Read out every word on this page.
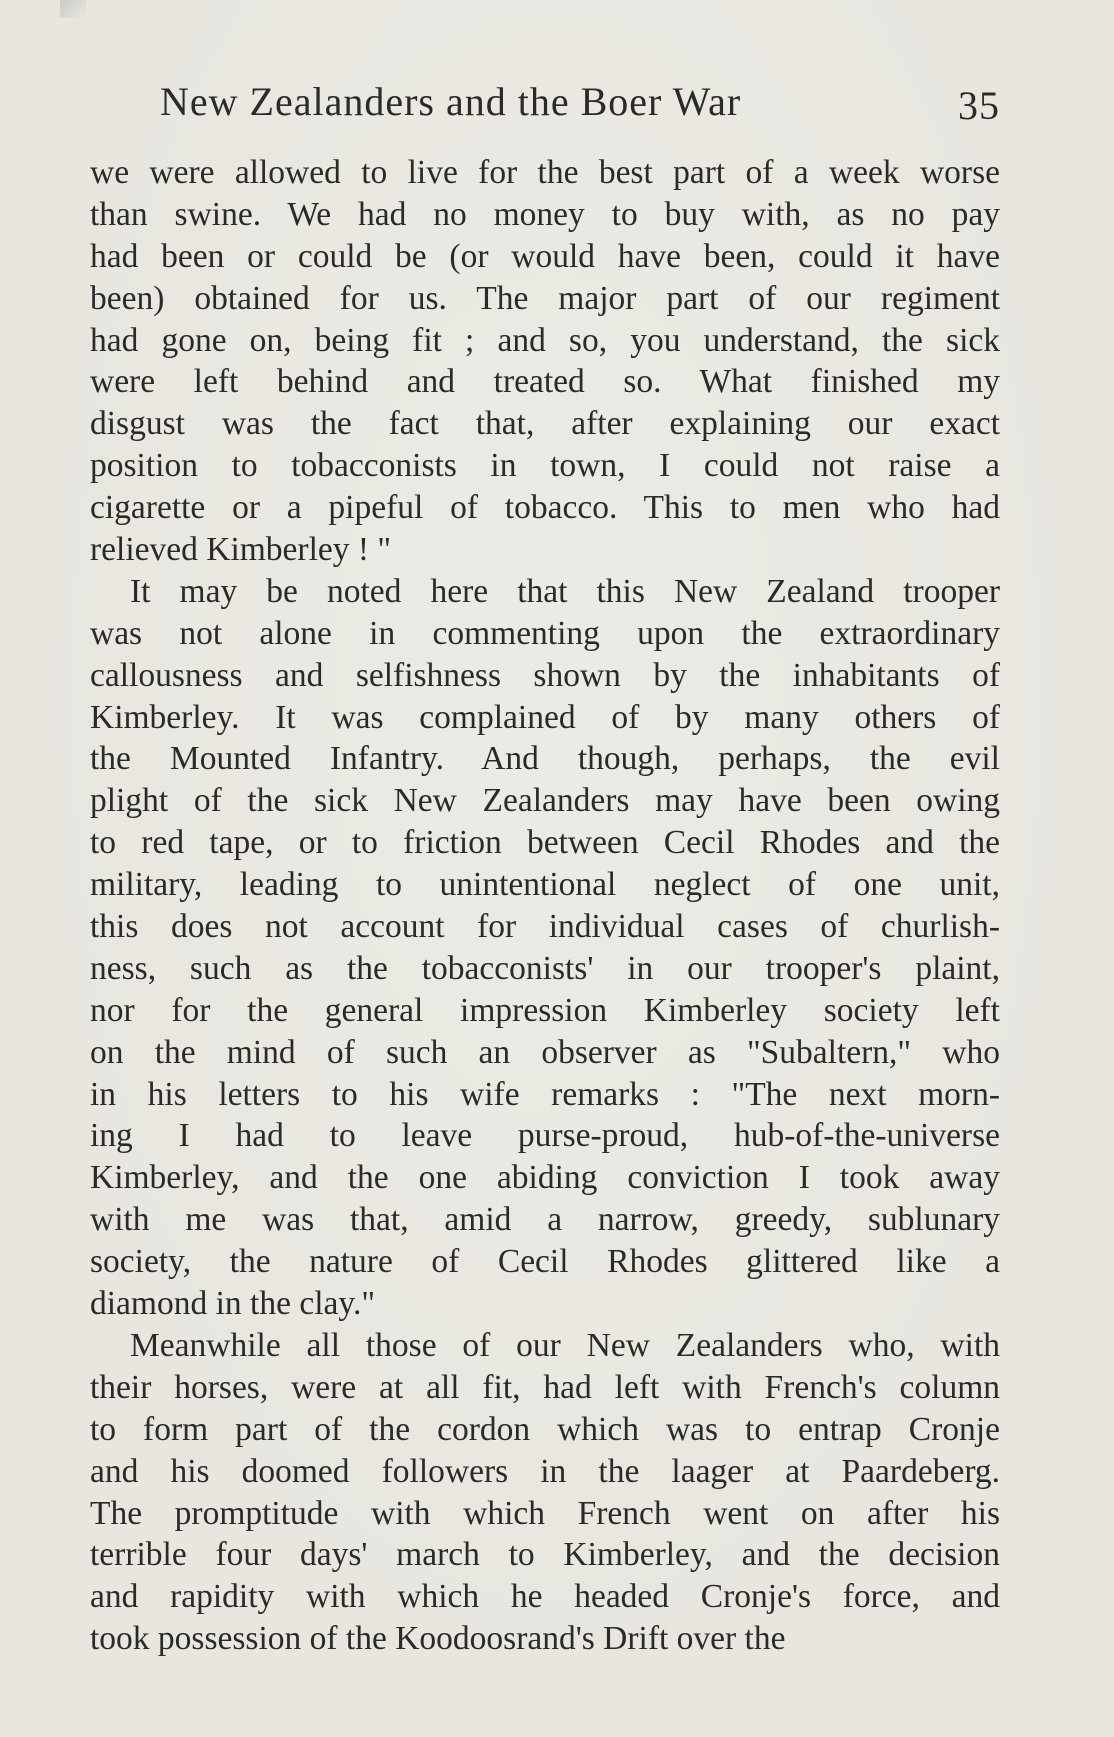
New Zealanders and the Boer War	35
we were allowed to live for the best part of a week worse
than swine. We had no money to buy with, as no pay
had been or could be (or would have been, could it have
been) obtained for us. The major part of our regiment
had gone on, being fit ; and so, you understand, the sick
were left behind and treated so. What finished my
disgust was the fact that, after explaining our exact
position to tobacconists in town, I could not raise a
cigarette or a pipeful of tobacco. This to men who had
relieved Kimberley ! "
It may be noted here that this New Zealand trooper
was not alone in commenting upon the extraordinary
callousness and selfishness shown by the inhabitants of
Kimberley. It was complained of by many others of
the Mounted Infantry. And though, perhaps, the evil
plight of the sick New Zealanders may have been owing
to red tape, or to friction between Cecil Rhodes and the
military, leading to unintentional neglect of one unit,
this does not account for individual cases of churlish-
ness, such as the tobacconists' in our trooper's plaint,
nor for the general impression Kimberley society left
on the mind of such an observer as "Subaltern," who
in his letters to his wife remarks : "The next morn-
ing I had to leave purse-proud, hub-of-the-universe
Kimberley, and the one abiding conviction I took away
with me was that, amid a narrow, greedy, sublunary
society, the nature of Cecil Rhodes glittered like a
diamond in the clay."
Meanwhile all those of our New Zealanders who, with
their horses, were at all fit, had left with French's column
to form part of the cordon which was to entrap Cronje
and his doomed followers in the laager at Paardeberg.
The promptitude with which French went on after his
terrible four days' march to Kimberley, and the decision
and rapidity with which he headed Cronje's force, and
took possession of the Koodoosrand's Drift over the
